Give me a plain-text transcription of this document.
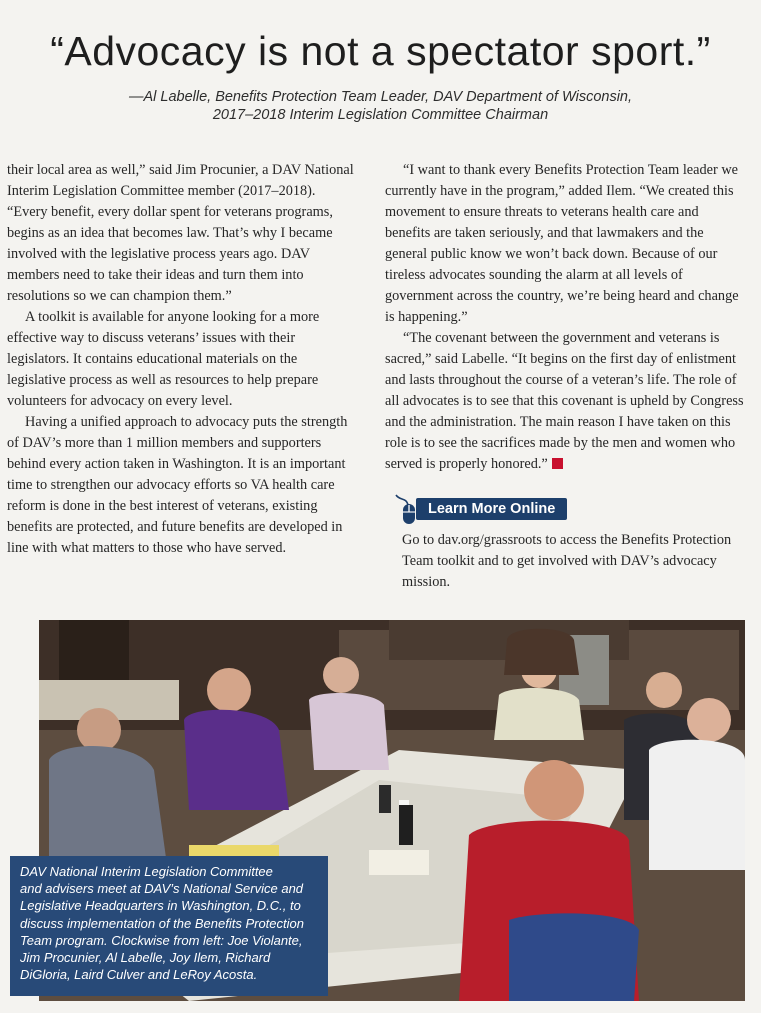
“Advocacy is not a spectator sport.”
—Al Labelle, Benefits Protection Team Leader, DAV Department of Wisconsin,
2017–2018 Interim Legislation Committee Chairman

their local area as well,” said Jim Procunier, a DAV National Interim Legislation Committee member (2017–2018). “Every benefit, every dollar spent for veterans programs, begins as an idea that becomes law. That’s why I became involved with the legislative process years ago. DAV members need to take their ideas and turn them into resolutions so we can champion them.”

A toolkit is available for anyone looking for a more effective way to discuss veterans’ issues with their legislators. It contains educational materials on the legislative process as well as resources to help prepare volunteers for advocacy on every level.

Having a unified approach to advocacy puts the strength of DAV’s more than 1 million members and supporters behind every action taken in Washington. It is an important time to strengthen our advocacy efforts so VA health care reform is done in the best interest of veterans, existing benefits are protected, and future benefits are developed in line with what matters to those who have served.

“I want to thank every Benefits Protection Team leader we currently have in the program,” added Ilem. “We created this movement to ensure threats to veterans health care and benefits are taken seriously, and that lawmakers and the general public know we won’t back down. Because of our tireless advocates sounding the alarm at all levels of government across the country, we’re being heard and change is happening.”

“The covenant between the government and veterans is sacred,” said Labelle. “It begins on the first day of enlistment and lasts throughout the course of a veteran’s life. The role of all advocates is to see that this covenant is upheld by Congress and the administration. The main reason I have taken on this role is to see the sacrifices made by the men and women who served is properly honored.”

Learn More Online
Go to dav.org/grassroots to access the Benefits Protection Team toolkit and to get involved with DAV’s advocacy mission.
DAV National Interim Legislation Committee
and advisers meet at DAV’s National Service and
Legislative Headquarters in Washington, D.C., to
discuss implementation of the Benefits Protection
Team program. Clockwise from left: Joe Violante,
Jim Procunier, Al Labelle, Joy Ilem, Richard
DiGloria, Laird Culver and LeRoy Acosta.
